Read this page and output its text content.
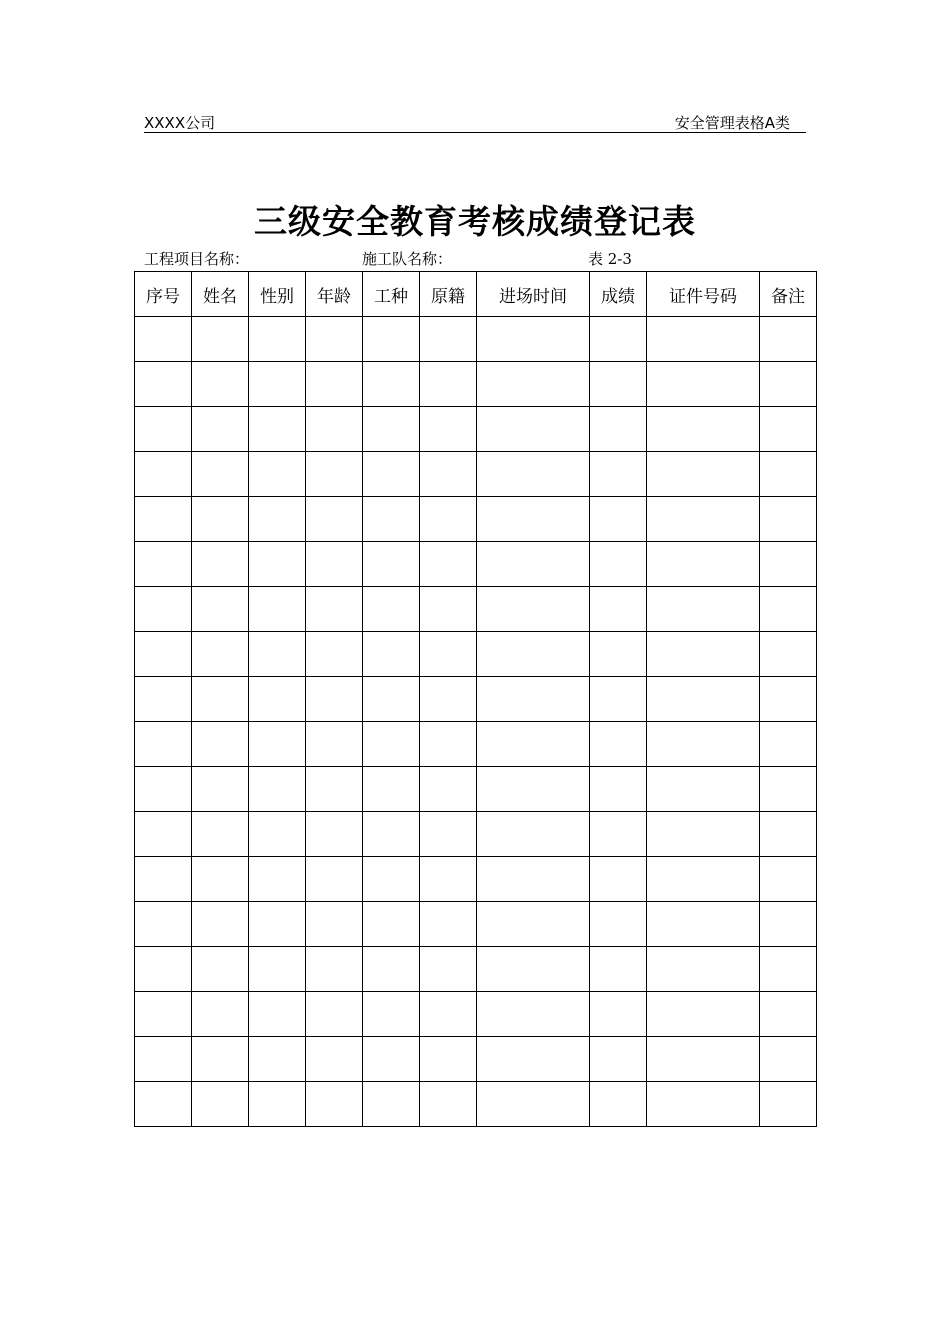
XXXX公司	安全管理表格A类
三级安全教育考核成绩登记表
工程项目名称：	施工队名称：	表 2-3
序号	姓名	性别	年龄	工种	原籍	进场时间	成绩	证件号码	备注
